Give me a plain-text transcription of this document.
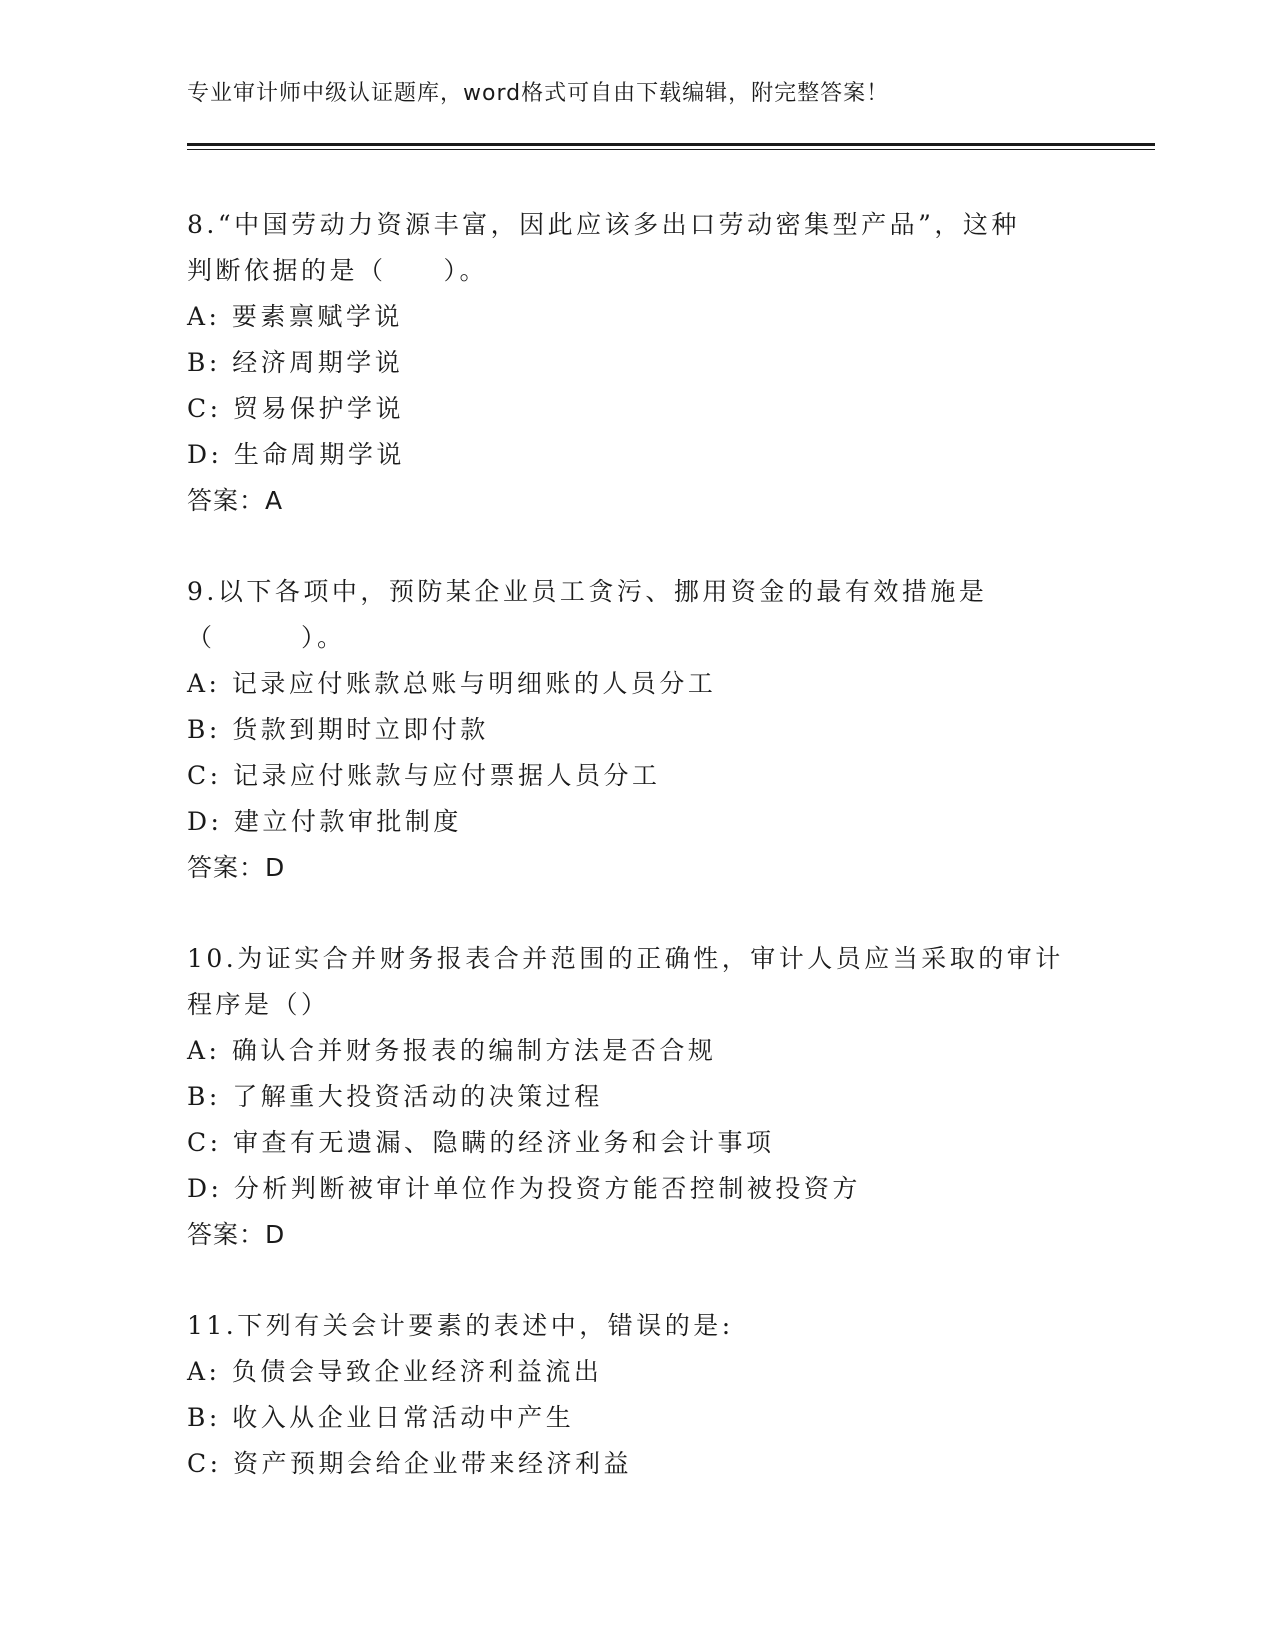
专业审计师中级认证题库，word格式可自由下载编辑，附完整答案！
8.“中国劳动力资源丰富，因此应该多出口劳动密集型产品”，这种
判断依据的是（　　）。
A: 要素禀赋学说
B: 经济周期学说
C: 贸易保护学说
D: 生命周期学说
答案：A
9.以下各项中，预防某企业员工贪污、挪用资金的最有效措施是
（　　　）。
A: 记录应付账款总账与明细账的人员分工
B: 货款到期时立即付款
C: 记录应付账款与应付票据人员分工
D: 建立付款审批制度
答案：D
10.为证实合并财务报表合并范围的正确性，审计人员应当采取的审计
程序是（）
A: 确认合并财务报表的编制方法是否合规
B: 了解重大投资活动的决策过程
C: 审查有无遗漏、隐瞒的经济业务和会计事项
D: 分析判断被审计单位作为投资方能否控制被投资方
答案：D
11.下列有关会计要素的表述中，错误的是:
A: 负债会导致企业经济利益流出
B: 收入从企业日常活动中产生
C: 资产预期会给企业带来经济利益
